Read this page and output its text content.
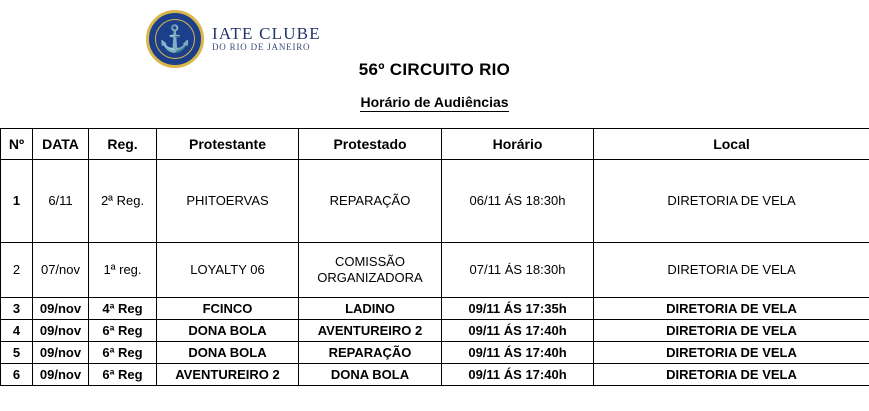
⚓	IATE CLUBE
DO RIO DE JANEIRO
56º CIRCUITO RIO
Horário de Audiências
Nº	DATA	Reg.	Protestante	Protestado	Horário	Local
1	6/11	2ª Reg.	PHITOERVAS	REPARAÇÃO	06/11 ÁS 18:30h	DIRETORIA DE VELA
2	07/nov	1ª reg.	LOYALTY 06	COMISSÃO ORGANIZADORA	07/11 ÁS 18:30h	DIRETORIA DE VELA
3	09/nov	4ª Reg	FCINCO	LADINO	09/11 ÁS 17:35h	DIRETORIA DE VELA
4	09/nov	6ª Reg	DONA BOLA	AVENTUREIRO 2	09/11 ÁS 17:40h	DIRETORIA DE VELA
5	09/nov	6ª Reg	DONA BOLA	REPARAÇÃO	09/11 ÁS 17:40h	DIRETORIA DE VELA
6	09/nov	6ª Reg	AVENTUREIRO 2	DONA BOLA	09/11 ÁS 17:40h	DIRETORIA DE VELA
